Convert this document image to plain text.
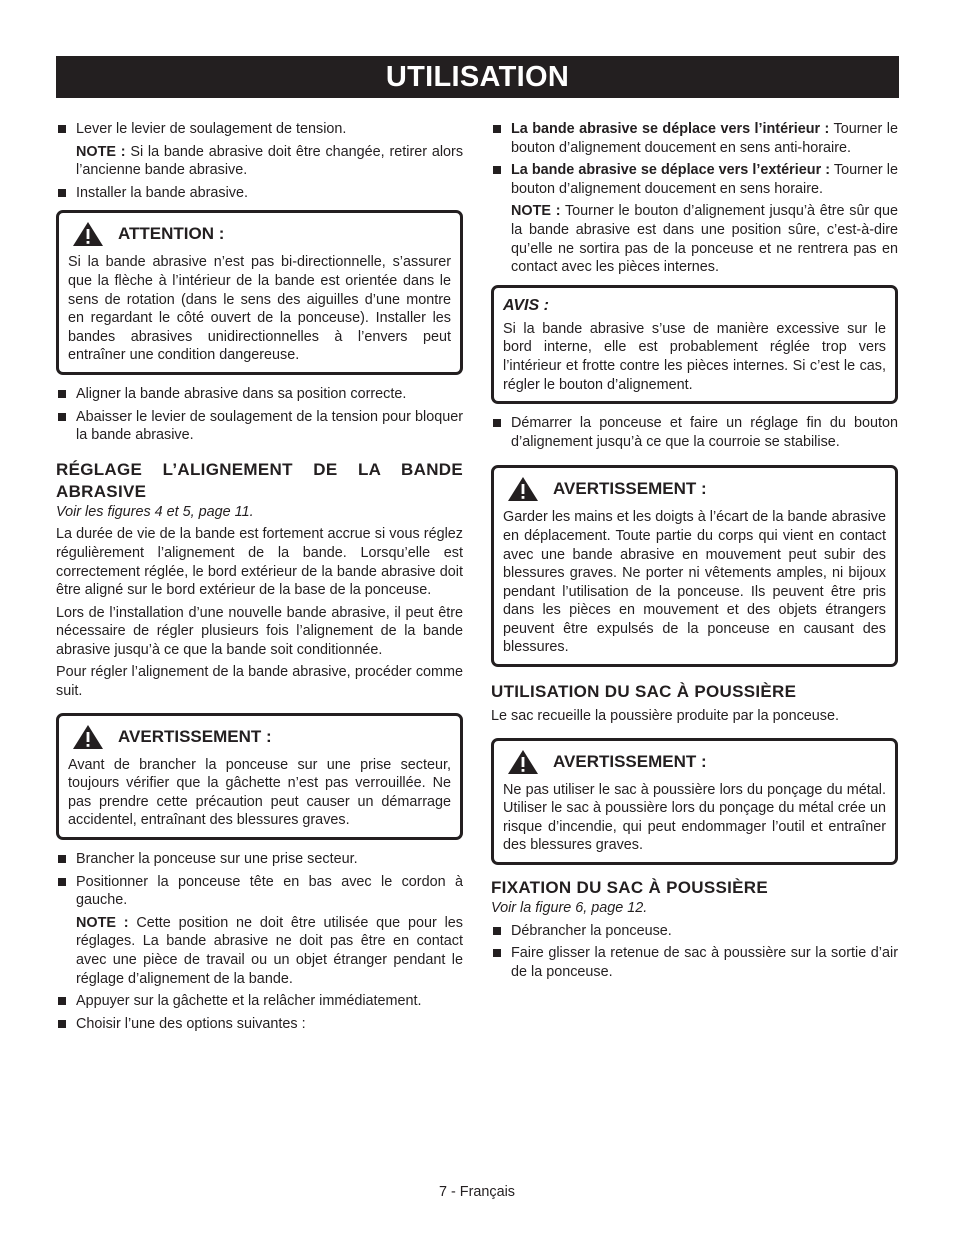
UTILISATION
Lever le levier de soulagement de tension.

NOTE : Si la bande abrasive doit être changée, retirer alors l’ancienne bande abrasive.

Installer la bande abrasive.
ATTENTION :
Si la bande abrasive n’est pas bi-directionnelle, s’assurer que la flèche à l’intérieur de la bande est orientée dans le sens de rotation (dans le sens des aiguilles d’une montre en regardant le côté ouvert de la ponceuse). Installer les bandes abrasives unidirectionnelles à l’envers peut entraîner une condition dangereuse.
Aligner la bande abrasive dans sa position correcte.
Abaisser le levier de soulagement de la tension pour bloquer la bande abrasive.

RÉGLAGE L’ALIGNEMENT DE LA BANDE ABRASIVE

Voir les figures 4 et 5, page 11.

La durée de vie de la bande est fortement accrue si vous réglez régulièrement l’alignement de la bande. Lorsqu’elle est correctement réglée, le bord extérieur de la bande abrasive doit être aligné sur le bord extérieur de la base de la ponceuse.

Lors de l’installation d’une nouvelle bande abrasive, il peut être nécessaire de régler plusieurs fois l’alignement de la bande abrasive jusqu’à ce que la bande soit conditionnée.

Pour régler l’alignement de la bande abrasive, procéder comme suit.

AVERTISSEMENT :
Avant de brancher la ponceuse sur une prise secteur, toujours vérifier que la gâchette n’est pas verrouillée. Ne pas prendre cette précaution peut causer un démarrage accidentel, entraînant des blessures graves.
Brancher la ponceuse sur une prise secteur.
Positionner la ponceuse tête en bas avec le cordon à gauche.

NOTE : Cette position ne doit être utilisée que pour les réglages. La bande abrasive ne doit pas être en contact avec une pièce de travail ou un objet étranger pendant le réglage d’alignement de la bande.

Appuyer sur la gâchette et la relâcher immédiatement.
Choisir l’une des options suivantes :
La bande abrasive se déplace vers l’intérieur : Tourner le bouton d’alignement doucement en sens anti-horaire.
La bande abrasive se déplace vers l’extérieur : Tourner le bouton d’alignement doucement en sens horaire.

NOTE : Tourner le bouton d’alignement jusqu’à être sûr que la bande abrasive est dans une position sûre, c’est-à-dire qu’elle ne sortira pas de la ponceuse et ne rentrera pas en contact avec les pièces internes.

AVIS :
Si la bande abrasive s’use de manière excessive sur le bord interne, elle est probablement réglée trop vers l’intérieur et frotte contre les pièces internes. Si c’est le cas, régler le bouton d’alignement.
Démarrer la ponceuse et faire un réglage fin du bouton d’alignement jusqu’à ce que la courroie se stabilise.
AVERTISSEMENT :
Garder les mains et les doigts à l’écart de la bande abrasive en déplacement. Toute partie du corps qui vient en contact avec une bande abrasive en mouvement peut subir des blessures graves. Ne porter ni vêtements amples, ni bijoux pendant l’utilisation de la ponceuse. Ils peuvent être pris dans les pièces en mouvement et des objets étrangers peuvent être expulsés de la ponceuse en causant des blessures.

UTILISATION DU SAC À POUSSIÈRE

Le sac recueille la poussière produite par la ponceuse.

AVERTISSEMENT :
Ne pas utiliser le sac à poussière lors du ponçage du métal. Utiliser le sac à poussière lors du ponçage du métal crée un risque d’incendie, qui peut endommager l’outil et entraîner des blessures graves.

FIXATION DU SAC À POUSSIÈRE

Voir la figure 6, page 12.

Débrancher la ponceuse.
Faire glisser la retenue de sac à poussière sur la sortie d’air de la ponceuse.
7 - Français
